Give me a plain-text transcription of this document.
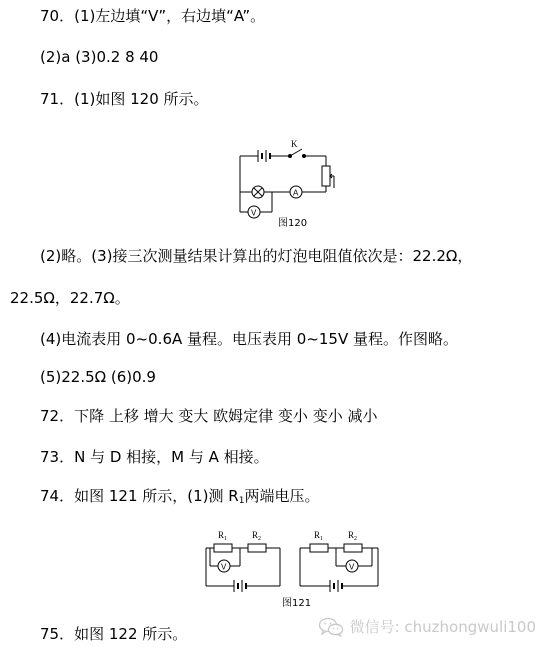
70．(1)左边填“V”，右边填“A”。
(2)a (3)0.2 8 40
71．(1)如图 120 所示。
K
A
V
图120
(2)略。(3)接三次测量结果计算出的灯泡电阻值依次是：22.2Ω，
22.5Ω，22.7Ω。
(4)电流表用 0~0.6A 量程。电压表用 0~15V 量程。作图略。
(5)22.5Ω (6)0.9
72．下降 上移 增大 变大 欧姆定律 变小 变小 减小
73．N 与 D 相接，M 与 A 相接。
74．如图 121 所示，(1)测 $R_1$两端电压。
$R_1$	$R_2$
V
$R_1$	$R_2$
V
图121
75．如图 122 所示。	微信号: chuzhongwuli100
